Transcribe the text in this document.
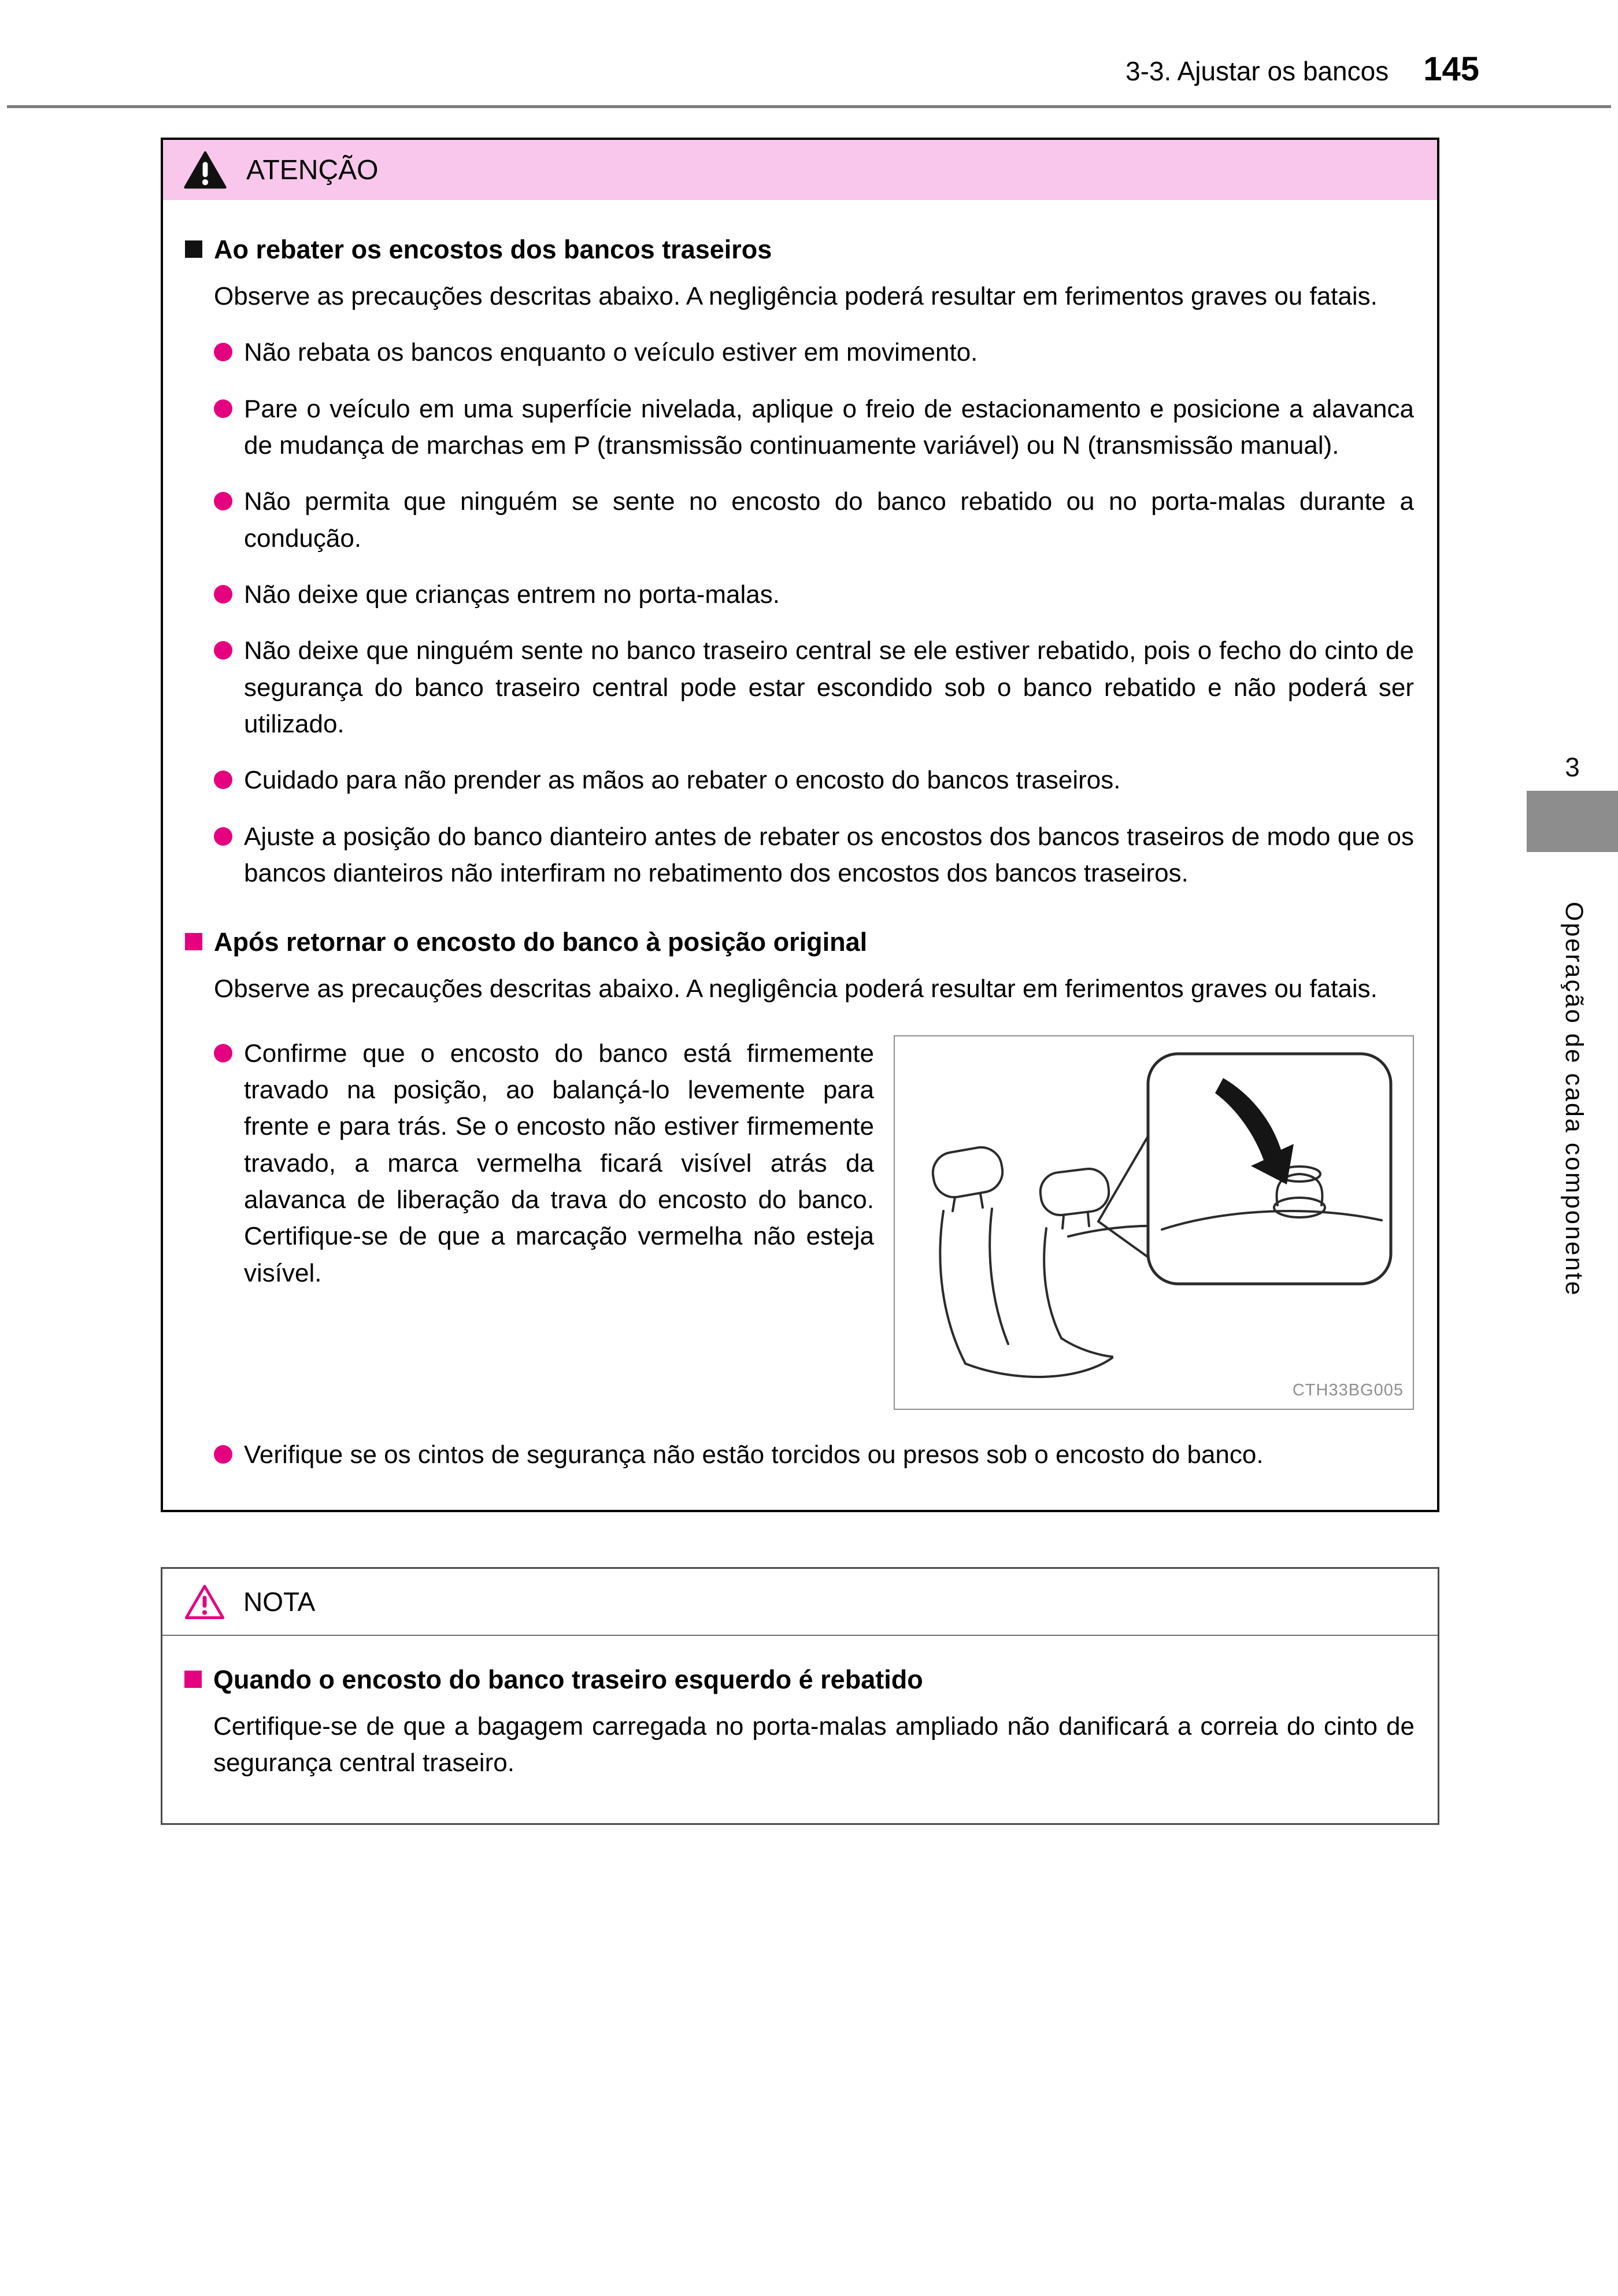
3-3. Ajustar os bancos 145
ATENÇÃO
Ao rebater os encostos dos bancos traseiros

Observe as precauções descritas abaixo. A negligência poderá resultar em ferimentos graves ou fatais.

Não rebata os bancos enquanto o veículo estiver em movimento.

Pare o veículo em uma superfície nivelada, aplique o freio de estacionamento e posicione a alavanca de mudança de marchas em P (transmissão continuamente variável) ou N (transmissão manual).

Não permita que ninguém se sente no encosto do banco rebatido ou no porta-malas durante a condução.

Não deixe que crianças entrem no porta-malas.

Não deixe que ninguém sente no banco traseiro central se ele estiver rebatido, pois o fecho do cinto de segurança do banco traseiro central pode estar escondido sob o banco rebatido e não poderá ser utilizado.

Cuidado para não prender as mãos ao rebater o encosto do bancos traseiros.

Ajuste a posição do banco dianteiro antes de rebater os encostos dos bancos traseiros de modo que os bancos dianteiros não interfiram no rebatimento dos encostos dos bancos traseiros.

Após retornar o encosto do banco à posição original

Observe as precauções descritas abaixo. A negligência poderá resultar em ferimentos graves ou fatais.

Confirme que o encosto do banco está firmemente travado na posição, ao balançá-lo levemente para frente e para trás. Se o encosto não estiver firmemente travado, a marca vermelha ficará visível atrás da alavanca de liberação da trava do encosto do banco. Certifique-se de que a marcação vermelha não esteja visível.

CTH33BG005

Verifique se os cintos de segurança não estão torcidos ou presos sob o encosto do banco.

NOTA
Quando o encosto do banco traseiro esquerdo é rebatido

Certifique-se de que a bagagem carregada no porta-malas ampliado não danificará a correia do cinto de segurança central traseiro.

3
Operação de cada componente
